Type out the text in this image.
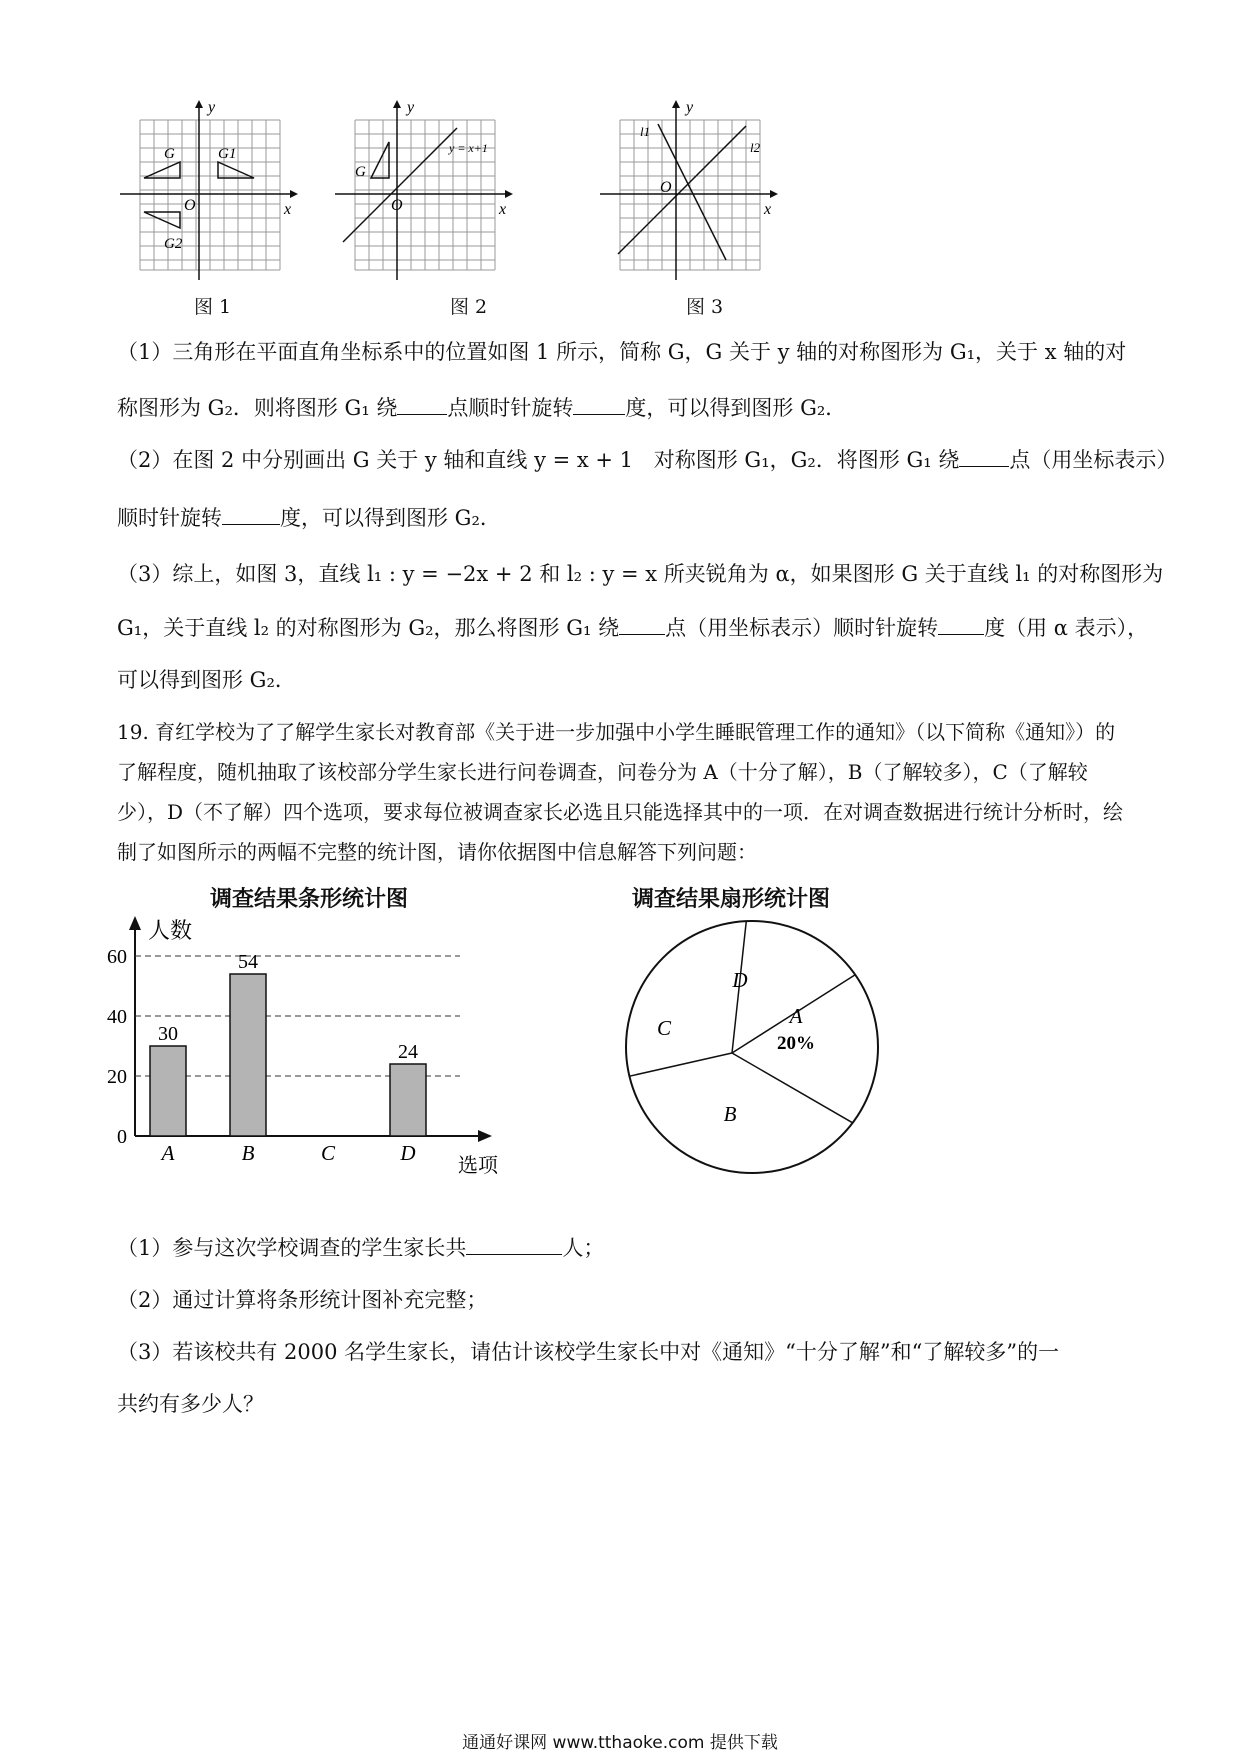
x
y
O
G	G1
G2
图 1
x
y
O
y = x+1
G
图 2
x
y
O
l1
l2
图 3
（1）三角形在平面直角坐标系中的位置如图 1 所示，简称 G，G 关于 y 轴的对称图形为 G₁，关于 x 轴的对
称图形为 G₂．则将图形 G₁ 绕 点顺时针旋转 度，可以得到图形 G₂．
（2）在图 2 中分别画出 G 关于 y 轴和直线 y = x + 1 对称图形 G₁，G₂．将图形 G₁ 绕 点（用坐标表示）
顺时针旋转	度，可以得到图形 G₂．
（3）综上，如图 3，直线 l₁ : y = −2x + 2 和 l₂ : y = x 所夹锐角为 α，如果图形 G 关于直线 l₁ 的对称图形为
G₁，关于直线 l₂ 的对称图形为 G₂，那么将图形 G₁ 绕 点（用坐标表示）顺时针旋转 度（用 α 表示），
可以得到图形 G₂．
19. 育红学校为了了解学生家长对教育部《关于进一步加强中小学生睡眠管理工作的通知》（以下简称《通知》）的了解程度，随机抽取了该校部分学生家长进行问卷调查，问卷分为 A（十分了解），B（了解较多），C（了解较少），D（不了解）四个选项，要求每位被调查家长必选且只能选择其中的一项．在对调查数据进行统计分析时，绘制了如图所示的两幅不完整的统计图，请你依据图中信息解答下列问题：
调查结果条形统计图	调查结果扇形统计图
人数
选项
0
20
40
60
30
54
24
A	B	C	D
A
20%
B
C
D
（1）参与这次学校调查的学生家长共	人；
（2）通过计算将条形统计图补充完整；
（3）若该校共有 2000 名学生家长，请估计该校学生家长中对《通知》“十分了解”和“了解较多”的一
共约有多少人？
通通好课网 www.tthaoke.com 提供下载
